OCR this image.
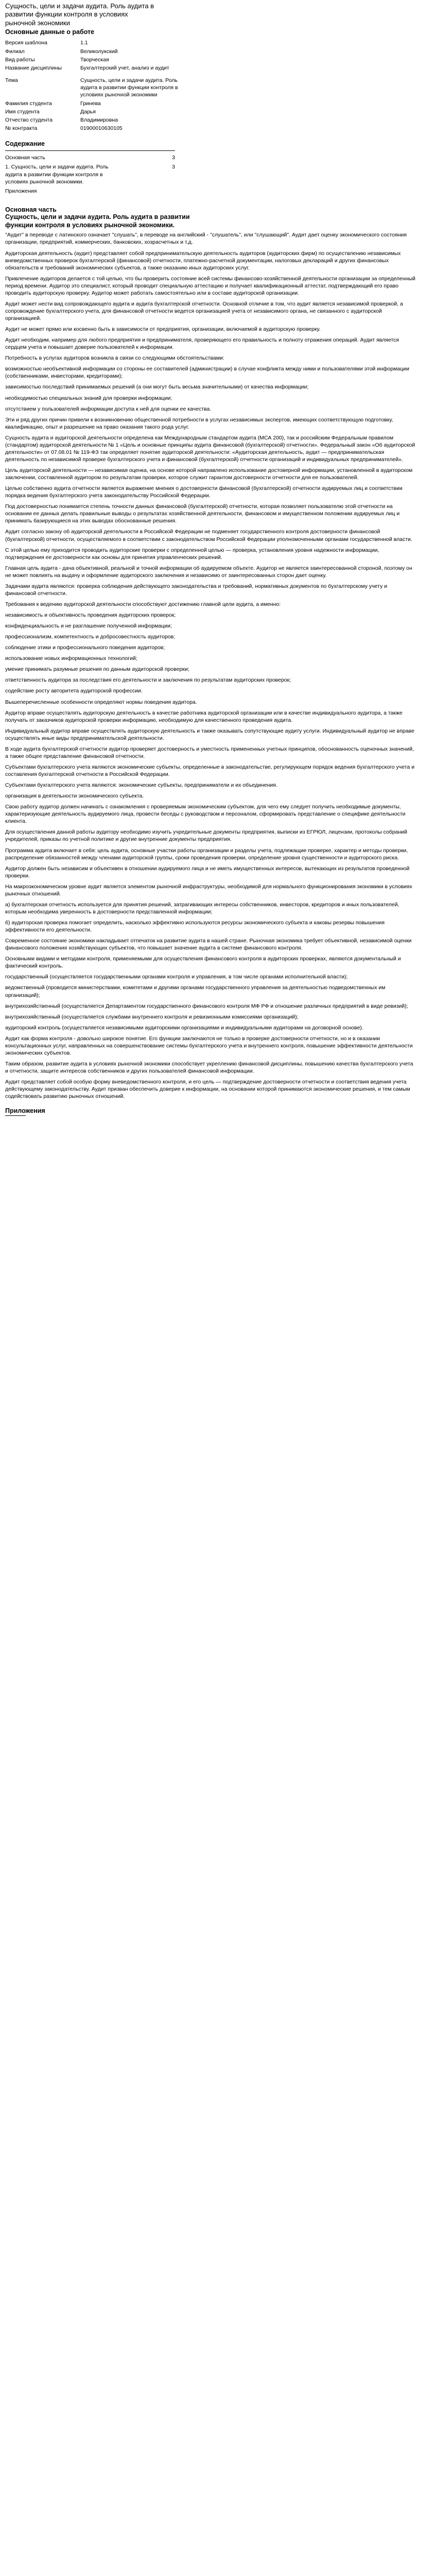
Сущность, цели и задачи аудита. Роль аудита в развитии функции контроля в условиях рыночной экономики
Основные данные о работе
Версия шаблона	1.1
Филиал	Великолукский
Вид работы	Творческая
Название дисциплины	Бухгалтерский учет, анализ и аудит
Тема	Сущность, цели и задачи аудита. Роль аудита в развитии функции контроля в условиях рыночной экономики
Фамилия студента	Гринева
Имя студента	Дарья
Отчество студента	Владимировна
№ контракта	01900010630105
Содержание
Основная часть	3
1. Сущность, цели и задачи аудита. Роль аудита в развитии функции контроля в условиях рыночной экономики.	3
Приложения	
Основная часть
Сущность, цели и задачи аудита. Роль аудита в развитии функции контроля в условиях рыночной экономики.

"Аудит" в переводе с латинского означает "слушать", в переводе на английский - "слушатель", или "слушающий". Аудит дает оценку экономического состояния организации, предприятий, коммерческих, банковских, хозрасчетных и т.д.

Аудиторская деятельность (аудит) представляет собой предпринимательскую деятельность аудиторов (аудиторских фирм) по осуществлению независимых вневедомственных проверок бухгалтерской (финансовой) отчетности, платежно-расчетной документации, налоговых деклараций и других финансовых обязательств и требований экономических субъектов, а также оказанию иных аудиторских услуг.

Привлечение аудиторов делается с той целью, что бы проверить состояние всей системы финансово-хозяйственной деятельности организации за определенный период времени. Аудитор это специалист, который проводит специальную аттестацию и получает квалификационный аттестат, подтверждающий его право проводить аудиторскую проверку. Аудитор может работать самостоятельно или в составе аудиторской организации.

Аудит может нести вид сопровождающего аудита и аудита бухгалтерской отчетности. Основной отличие в том, что аудит является независимой проверкой, а сопровождение бухгалтерского учета, для финансовой отчетности ведется организацией учета от независимого органа, не связанного с аудиторской организацией.

Аудит не может прямо или косвенно быть в зависимости от предприятия, организации, включаемой в аудиторскую проверку.

Аудит необходим, например для любого предприятия и предпринимателя, проверяющего его правильность и полноту отражения операций. Аудит является сердцем учета и повышает доверие пользователей к информации.

Потребность в услугах аудиторов возникла в связи со следующими обстоятельствами:

возможностью необъективной информации со стороны ее составителей (администрации) в случае конфликта между ними и пользователями этой информации (собственниками, инвесторами, кредиторами);

зависимостью последствий принимаемых решений (а они могут быть весьма значительными) от качества информации;

необходимостью специальных знаний для проверки информации;

отсутствием у пользователей информации доступа к ней для оценки ее качества.

Эти и ряд других причин привели к возникновению общественной потребности в услугах независимых экспертов, имеющих соответствующую подготовку, квалификацию, опыт и разрешение на право оказания такого рода услуг.

Сущность аудита и аудиторской деятельности определена как Международным стандартом аудита (МСА 200), так и российским Федеральным правилом (стандартом) аудиторской деятельности № 1 «Цель и основные принципы аудита финансовой (бухгалтерской) отчетности». Федеральный закон «Об аудиторской деятельности» от 07.08.01 № 119-ФЗ так определяет понятие аудиторской деятельности: «Аудиторская деятельность, аудит — предпринимательская деятельность по независимой проверке бухгалтерского учета и финансовой (бухгалтерской) отчетности организаций и индивидуальных предпринимателей».

Цель аудиторской деятельности — независимая оценка, на основе которой направлено использование достоверной информации, установленной в аудиторском заключении, составленной аудитором по результатам проверки, которое служит гарантом достоверности отчетности для ее пользователей.

Целью собственно аудита отчетности является выражение мнения о достоверности финансовой (бухгалтерской) отчетности аудируемых лиц и соответствии порядка ведения бухгалтерского учета законодательству Российской Федерации.

Под достоверностью понимается степень точности данных финансовой (бухгалтерской) отчетности, которая позволяет пользователю этой отчетности на основании ее данных делать правильные выводы о результатах хозяйственной деятельности, финансовом и имущественном положении аудируемых лиц и принимать базирующиеся на этих выводах обоснованные решения.

Аудит согласно закону об аудиторской деятельности в Российской Федерации не подменяет государственного контроля достоверности финансовой (бухгалтерской) отчетности, осуществляемого в соответствии с законодательством Российской Федерации уполномоченными органами государственной власти.

С этой целью ему приходится проводить аудиторские проверки с определенной целью — проверка, установления уровня надежности информации, подтверждения ее достоверности как основы для принятия управленческих решений.

Главная цель аудита - дача объективной, реальной и точной информации об аудируемом объекте. Аудитор не является заинтересованной стороной, поэтому он не может повлиять на выдачу и оформление аудиторского заключения и независимо от заинтересованных сторон дает оценку.

Задачами аудита являются: проверка соблюдения действующего законодательства и требований, нормативных документов по бухгалтерскому учету и финансовой отчетности.

Требования к ведению аудиторской деятельности способствуют достижению главной цели аудита, а именно:

независимость и объективность проведения аудиторских проверок;

конфиденциальность и не разглашение полученной информации;

профессионализм, компетентность и добросовестность аудиторов;

соблюдение этики и профессионального поведения аудиторов;

использование новых информационных технологий;

умение принимать разумные решения по данным аудиторской проверки;

ответственность аудитора за последствия его деятельности и заключения по результатам аудиторских проверок;

содействие росту авторитета аудиторской профессии.

Вышеперечисленные особенности определяют нормы поведения аудитора.

Аудитор вправе осуществлять аудиторскую деятельность в качестве работника аудиторской организации или в качестве индивидуального аудитора, а также получать от заказчиков аудиторской проверки информацию, необходимую для качественного проведения аудита.

Индивидуальный аудитор вправе осуществлять аудиторскую деятельность и также оказывать сопутствующие аудиту услуги. Индивидуальный аудитор не вправе осуществлять иные виды предпринимательской деятельности.

В ходе аудита бухгалтерской отчетности аудитор проверяет достоверность и уместность примененных учетных принципов, обоснованность оценочных значений, а также общее представление финансовой отчетности.

Субъектами бухгалтерского учета являются экономические субъекты, определенные в законодательстве, регулирующем порядок ведения бухгалтерского учета и составления бухгалтерской отчетности в Российской Федерации.

Субъектами бухгалтерского учета являются: экономические субъекты, предприниматели и их объединения.

организация в деятельности экономического субъекта.

Свою работу аудитор должен начинать с ознакомления с проверяемым экономическим субъектом, для чего ему следует получить необходимые документы, характеризующие деятельность аудируемого лица, провести беседы с руководством и персоналом, сформировать представление о специфике деятельности клиента.

Для осуществления данной работы аудитору необходимо изучить учредительные документы предприятия, выписки из ЕГРЮЛ, лицензии, протоколы собраний учредителей, приказы по учетной политике и другие внутренние документы предприятия.

Программа аудита включает в себя: цель аудита, основные участки работы организации и разделы учета, подлежащие проверке, характер и методы проверки, распределение обязанностей между членами аудиторской группы, сроки проведения проверки, определение уровня существенности и аудиторского риска.

Аудитор должен быть независим и объективен в отношении аудируемого лица и не иметь имущественных интересов, вытекающих из результатов проведенной проверки.

На макроэкономическом уровне аудит является элементом рыночной инфраструктуры, необходимой для нормального функционирования экономики в условиях рыночных отношений.

а) бухгалтерская отчетность используется для принятия решений, затрагивающих интересы собственников, инвесторов, кредиторов и иных пользователей, которым необходима уверенность в достоверности представленной информации;

б) аудиторская проверка помогает определить, насколько эффективно используются ресурсы экономического субъекта и каковы резервы повышения эффективности его деятельности.

Современное состояние экономики накладывает отпечаток на развитие аудита в нашей стране. Рыночная экономика требует объективной, независимой оценки финансового положения хозяйствующих субъектов, что повышает значение аудита в системе финансового контроля.

Основными видами и методами контроля, применяемыми для осуществления финансового контроля в аудиторских проверках, являются документальный и фактический контроль.

государственный (осуществляется государственными органами контроля и управления, в том числе органами исполнительной власти);

ведомственный (проводится министерствами, комитетами и другими органами государственного управления за деятельностью подведомственных им организаций);

внутрихозяйственный (осуществляется Департаментом государственного финансового контроля МФ РФ и отношение различных предприятий в виде ревизий);

внутрихозяйственный (осуществляется службами внутреннего контроля и ревизионными комиссиями организаций);

аудиторский контроль (осуществляется независимыми аудиторскими организациями и индивидуальными аудиторами на договорной основе).

Аудит как форма контроля - довольно широкое понятие. Его функции заключаются не только в проверке достоверности отчетности, но и в оказании консультационных услуг, направленных на совершенствование системы бухгалтерского учета и внутреннего контроля, повышение эффективности деятельности экономических субъектов.

Таким образом, развитие аудита в условиях рыночной экономики способствует укреплению финансовой дисциплины, повышению качества бухгалтерского учета и отчетности, защите интересов собственников и других пользователей финансовой информации.

Аудит представляет собой особую форму вневедомственного контроля, и его цель — подтверждение достоверности отчетности и соответствия ведения учета действующему законодательству. Аудит призван обеспечить доверие к информации, на основании которой принимаются экономические решения, и тем самым содействовать развитию рыночных отношений.

Приложения
